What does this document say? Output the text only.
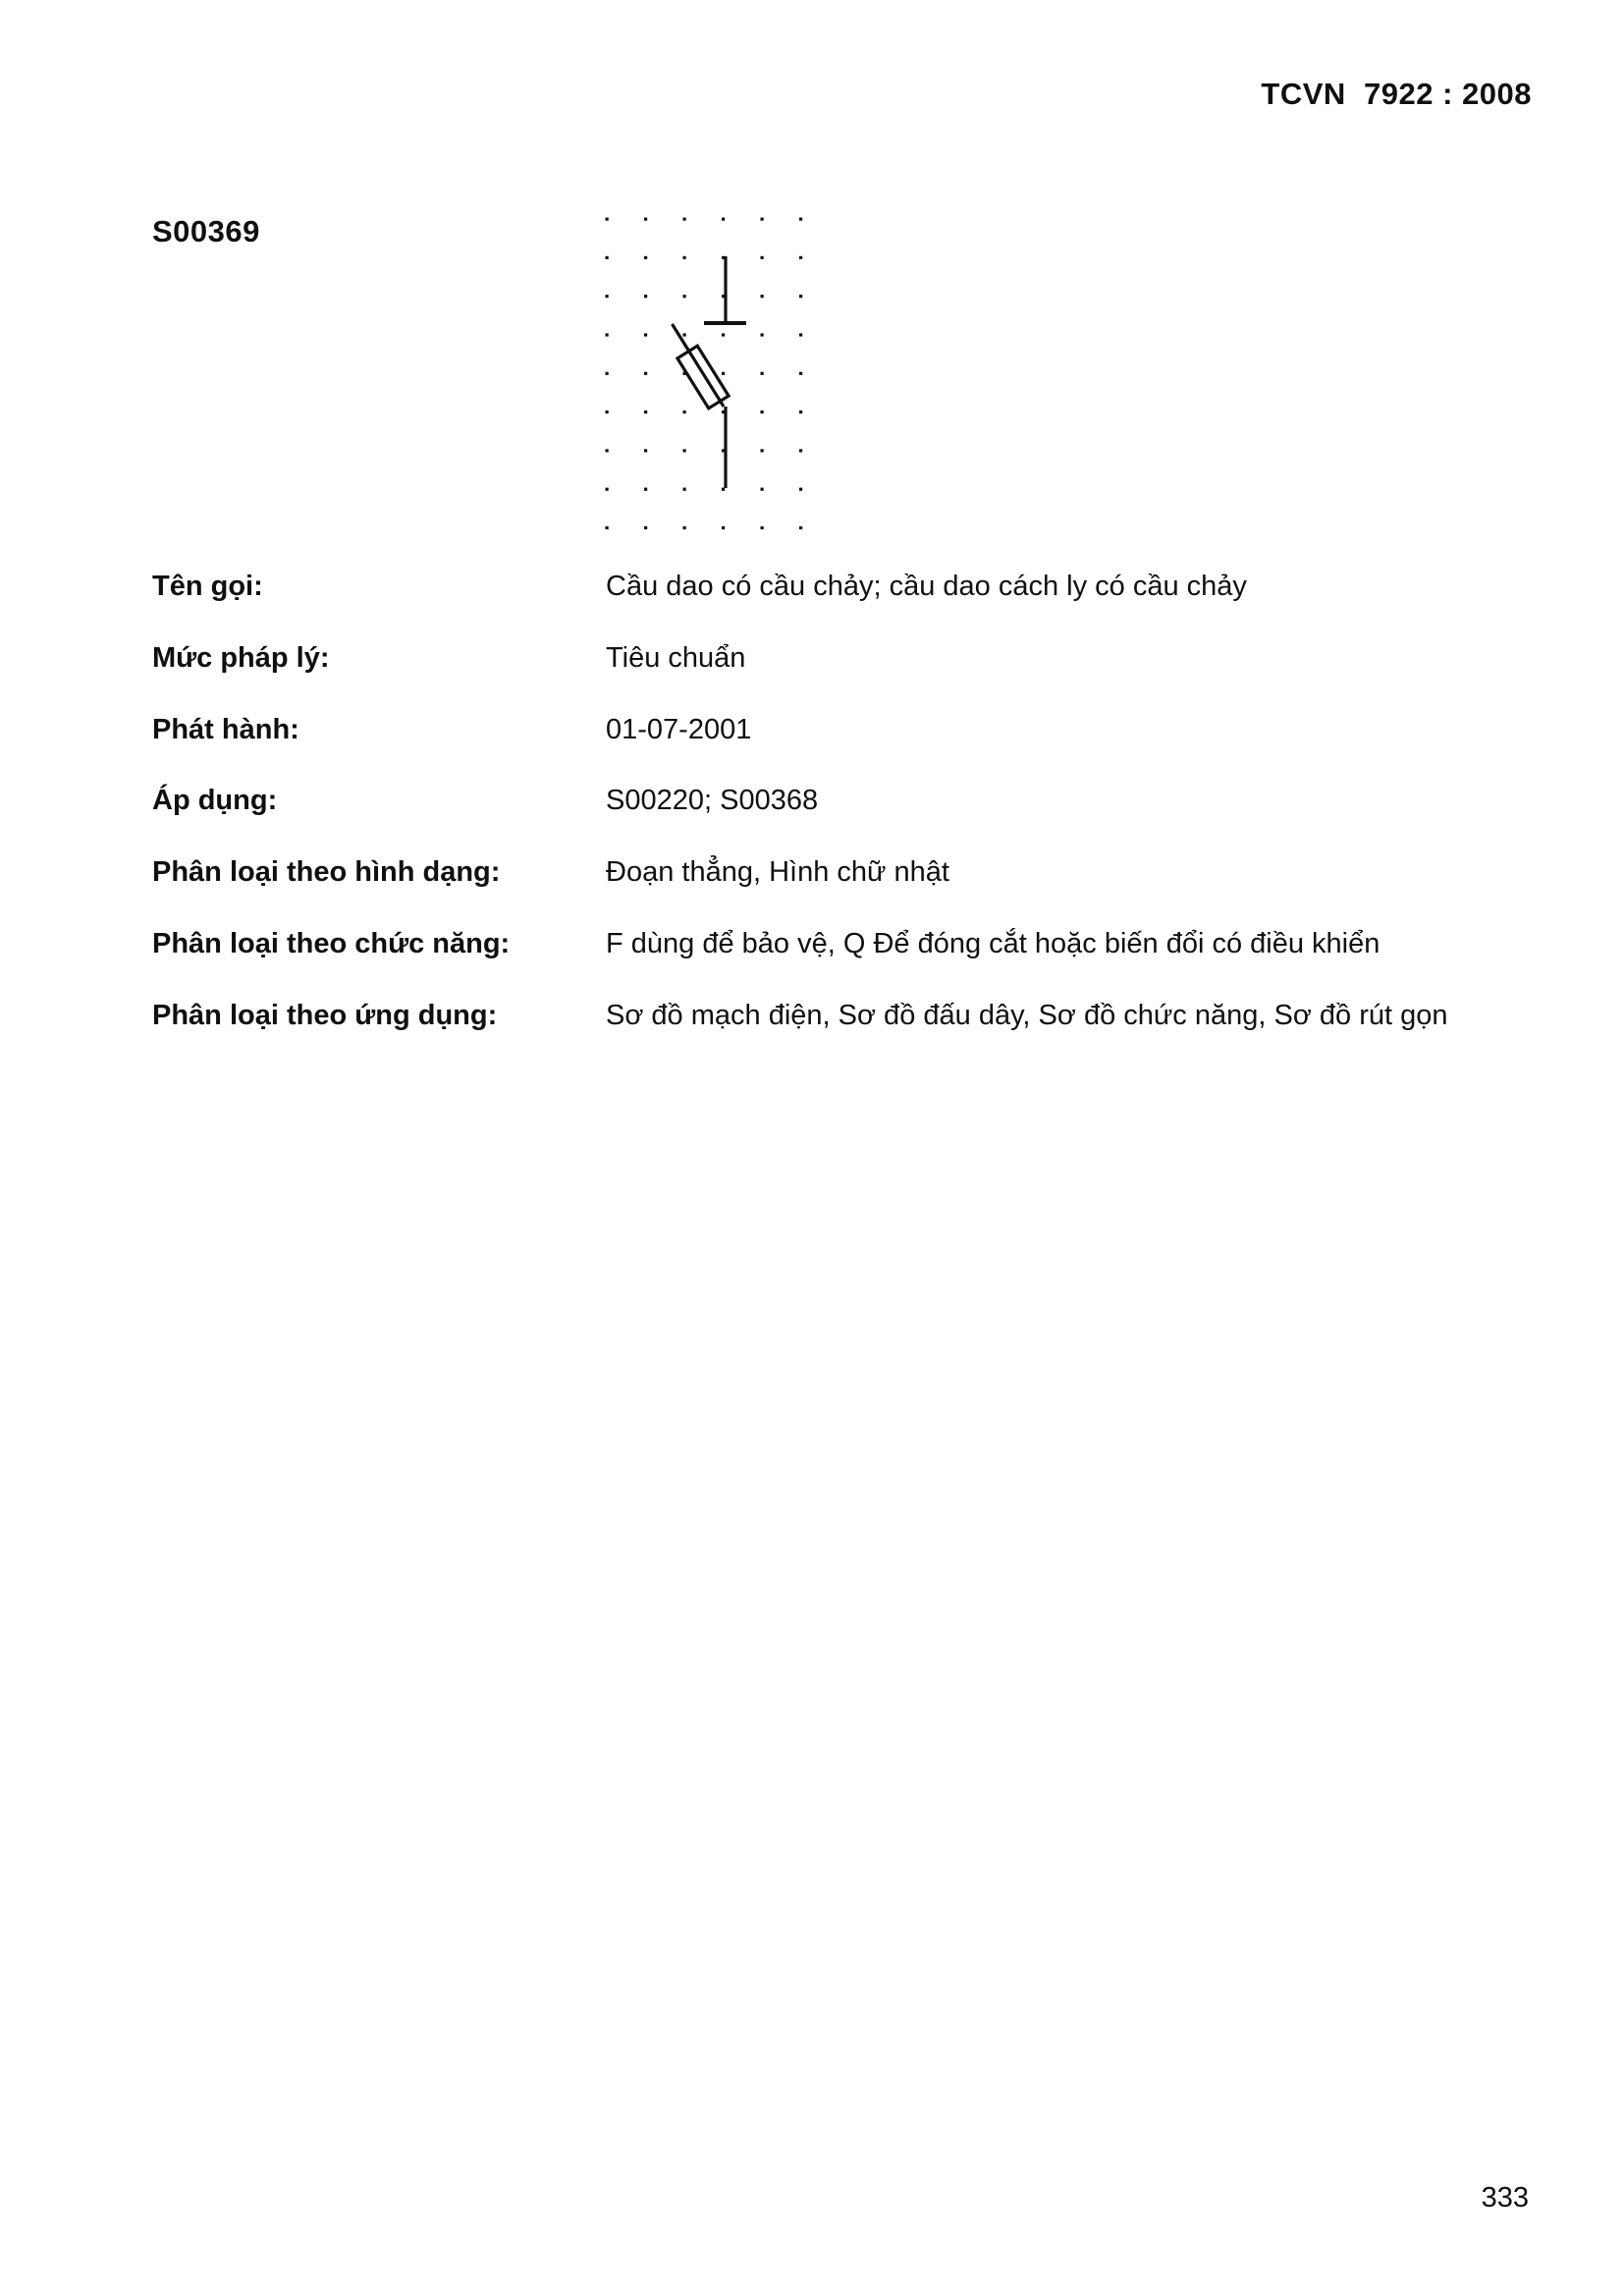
TCVN  7922 : 2008
S00369
Tên gọi:	Cầu dao có cầu chảy; cầu dao cách ly có cầu chảy
Mức pháp lý:	Tiêu chuẩn
Phát hành:	01-07-2001
Áp dụng:	S00220; S00368
Phân loại theo hình dạng:	Đoạn thẳng, Hình chữ nhật
Phân loại theo chức năng:	F dùng để bảo vệ, Q Để đóng cắt hoặc biến đổi có điều khiển
Phân loại theo ứng dụng:	Sơ đồ mạch điện, Sơ đồ đấu dây, Sơ đồ chức năng, Sơ đồ rút gọn
333
